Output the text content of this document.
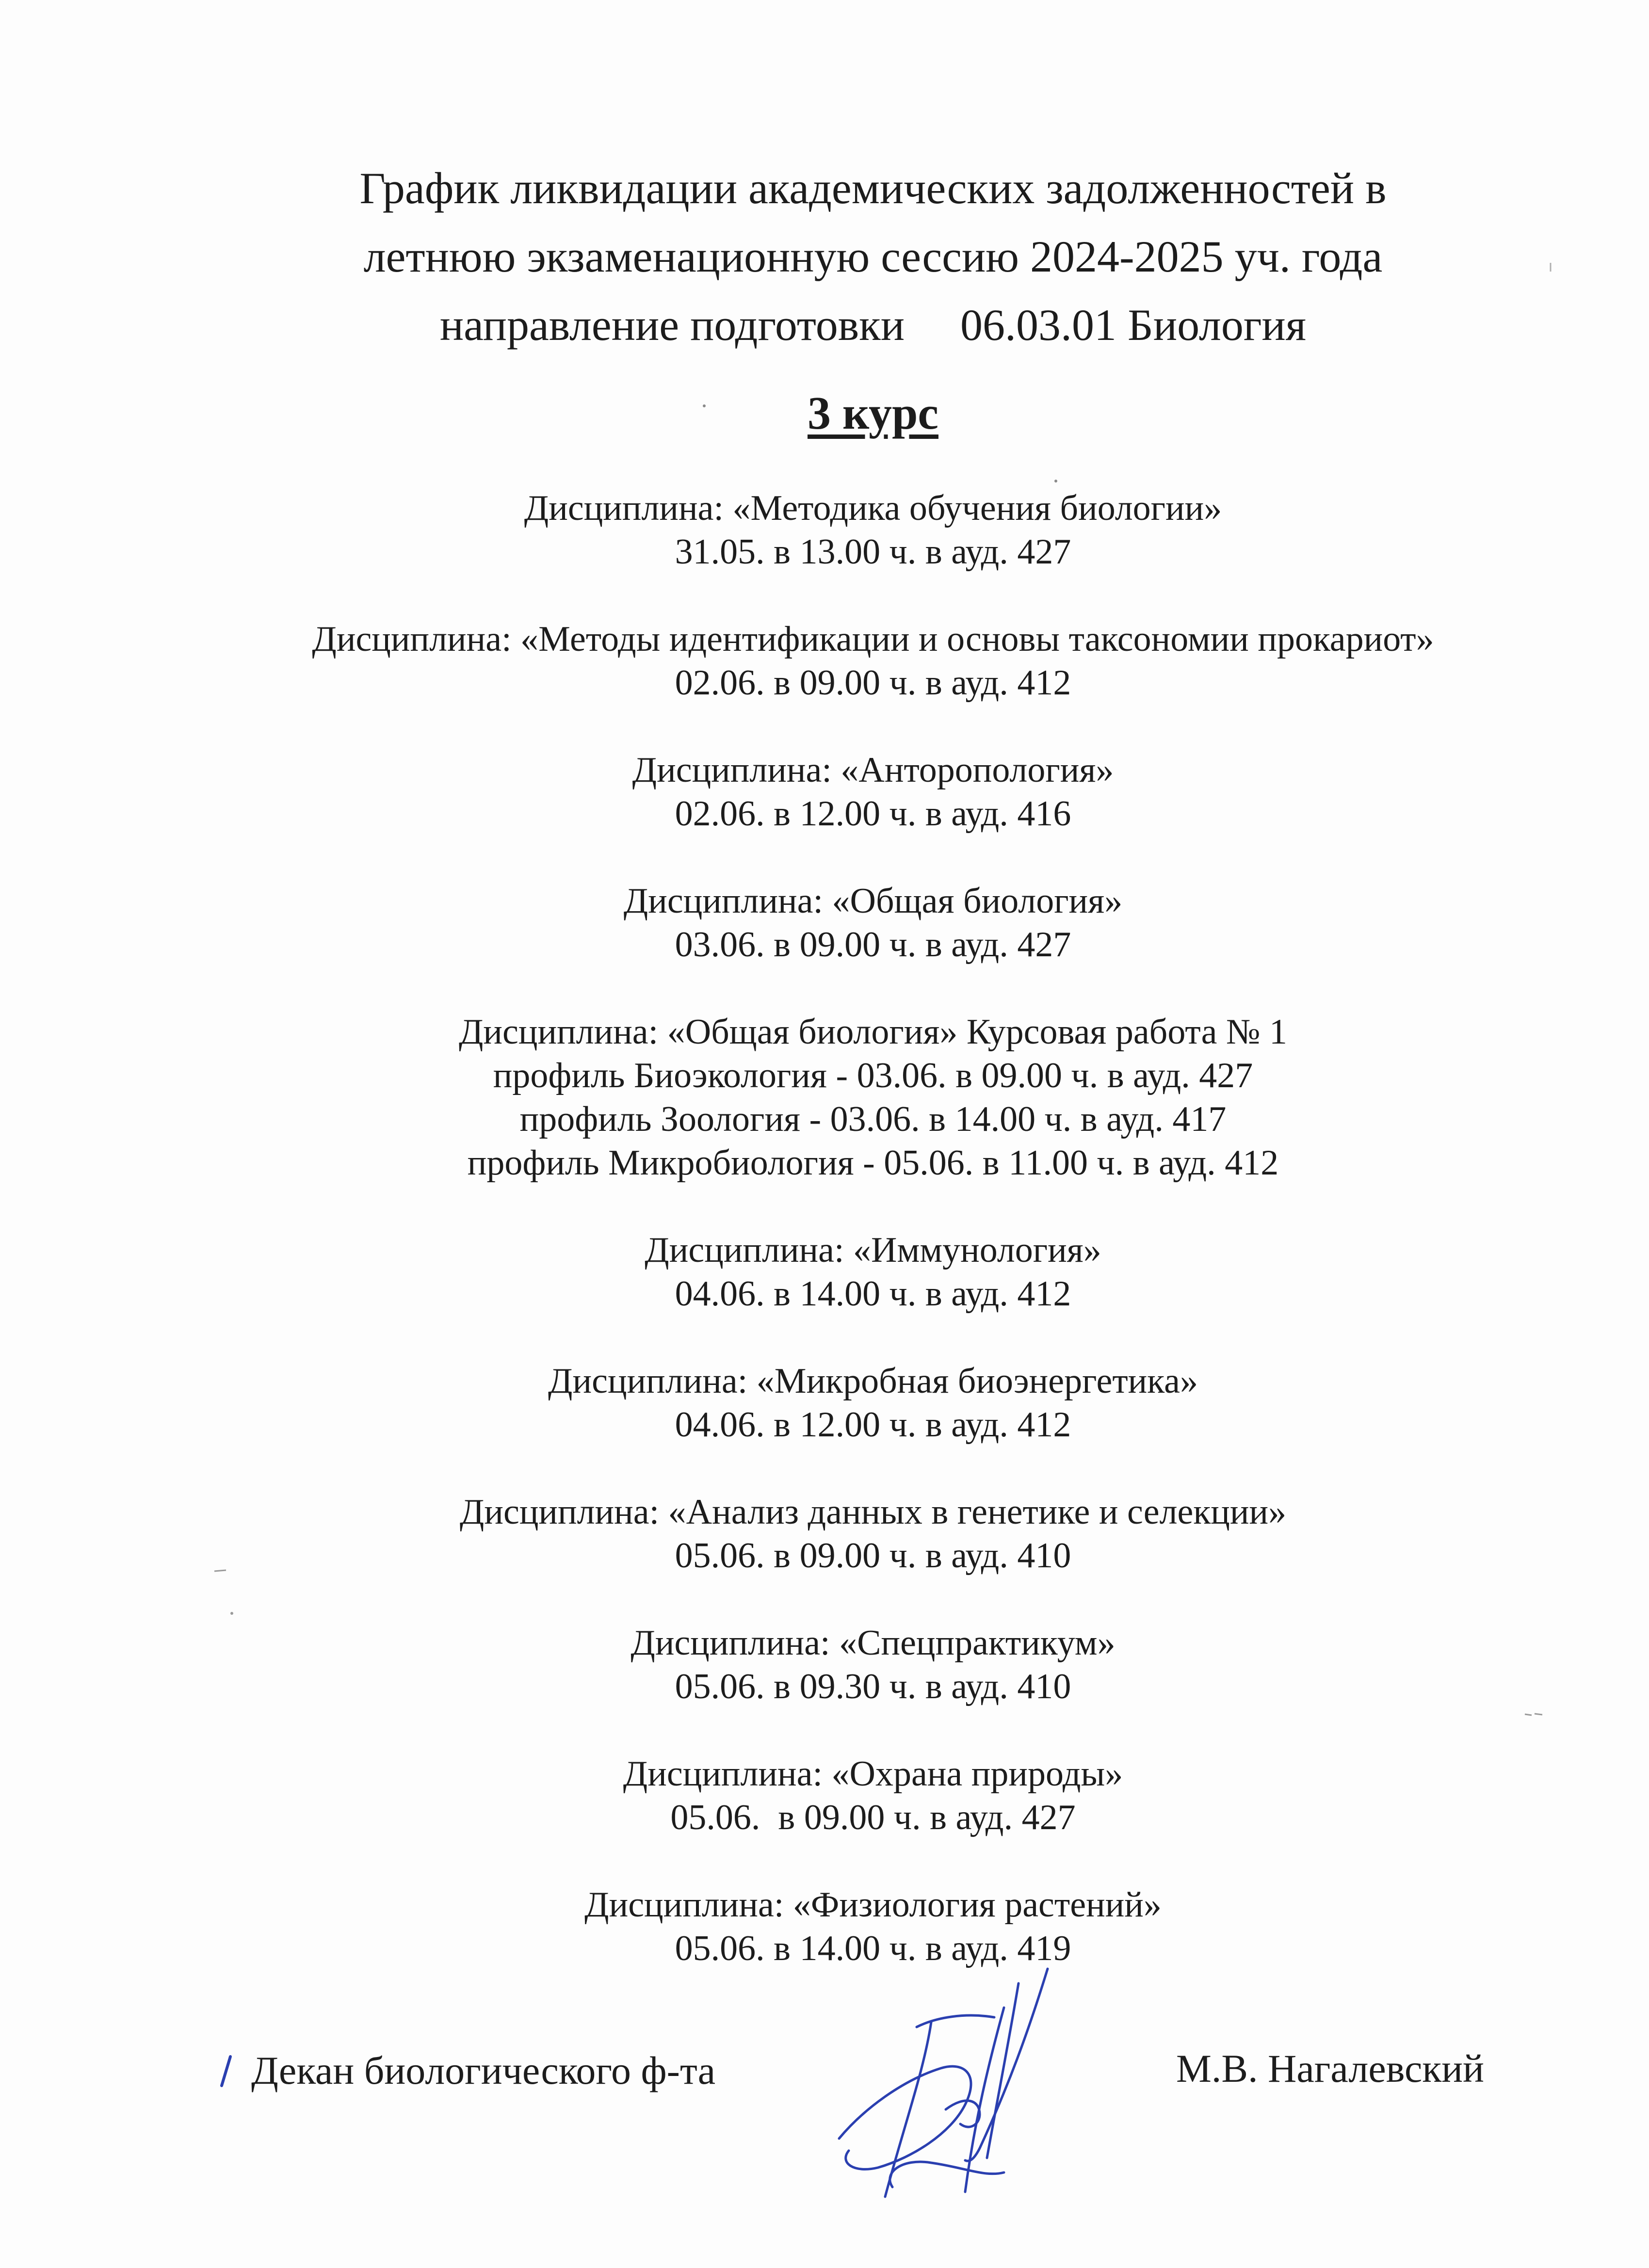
График ликвидации академических задолженностей в
летнюю экзаменационную сессию 2024-2025 уч. года
направление подготовки     06.03.01 Биология
3 курс
Дисциплина: «Методика обучения биологии»
31.05. в 13.00 ч. в ауд. 427
Дисциплина: «Методы идентификации и основы таксономии прокариот»
02.06. в 09.00 ч. в ауд. 412
Дисциплина: «Анторопология»
02.06. в 12.00 ч. в ауд. 416
Дисциплина: «Общая биология»
03.06. в 09.00 ч. в ауд. 427
Дисциплина: «Общая биология» Курсовая работа № 1
профиль Биоэкология - 03.06. в 09.00 ч. в ауд. 427
профиль Зоология - 03.06. в 14.00 ч. в ауд. 417
профиль Микробиология - 05.06. в 11.00 ч. в ауд. 412
Дисциплина: «Иммунология»
04.06. в 14.00 ч. в ауд. 412
Дисциплина: «Микробная биоэнергетика»
04.06. в 12.00 ч. в ауд. 412
Дисциплина: «Анализ данных в генетике и селекции»
05.06. в 09.00 ч. в ауд. 410
Дисциплина: «Спецпрактикум»
05.06. в 09.30 ч. в ауд. 410
Дисциплина: «Охрана природы»
05.06.  в 09.00 ч. в ауд. 427
Дисциплина: «Физиология растений»
05.06. в 14.00 ч. в ауд. 419
Декан биологического ф-та	М.В. Нагалевский
